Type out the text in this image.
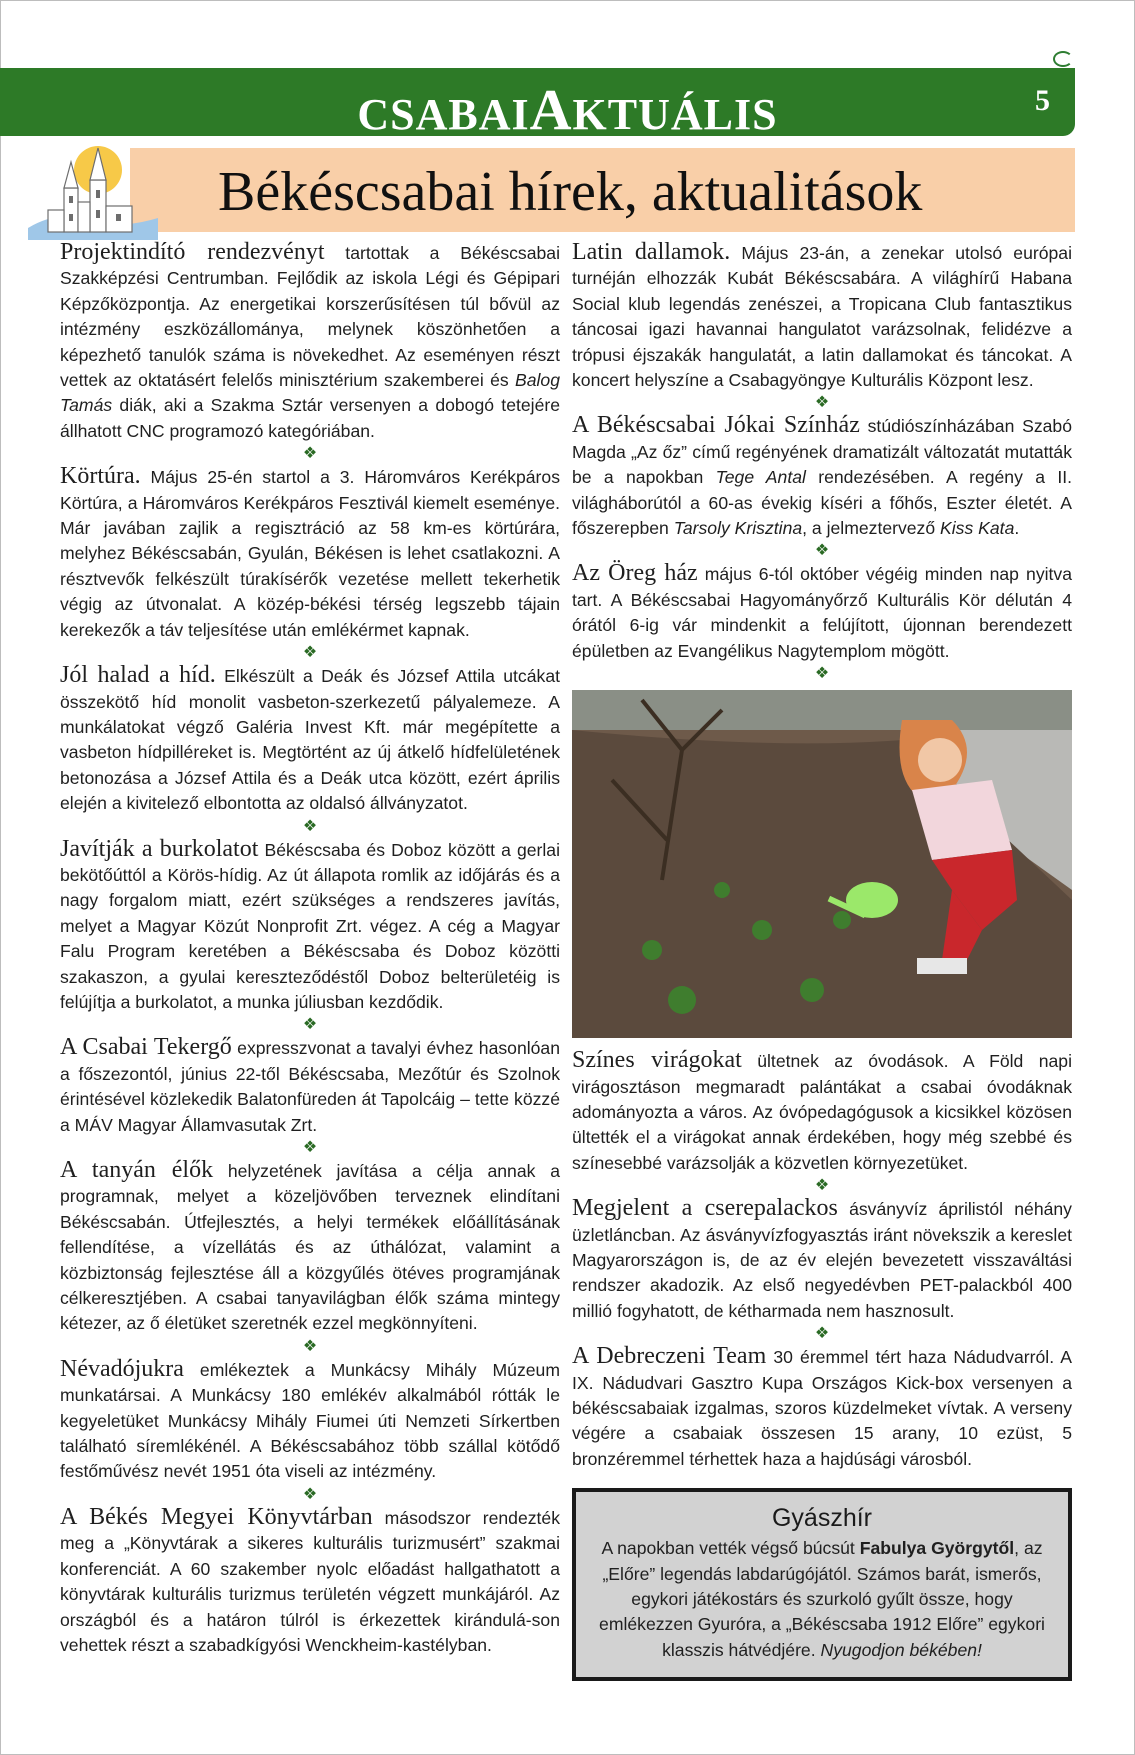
CSABAIAKTUÁLIS	5
Békéscsabai hírek, aktualitások

Projektindító rendezvényt tartottak a Békéscsabai Szakképzési Centrumban. Fejlődik az iskola Légi és Gépipari Képzőközpontja. Az energetikai korszerűsítésen túl bővül az intézmény eszközállománya, melynek köszönhetően a képezhető tanulók száma is növekedhet. Az eseményen részt vettek az oktatásért felelős minisztérium szakemberei és Balog Tamás diák, aki a Szakma Sztár versenyen a dobogó tetejére állhatott CNC programozó kategóriában.

❖

Körtúra. Május 25-én startol a 3. Háromváros Kerékpáros Körtúra, a Háromváros Kerékpáros Fesztivál kiemelt eseménye. Már javában zajlik a regisztráció az 58 km-es körtúrára, melyhez Békéscsabán, Gyulán, Békésen is lehet csatlakozni. A résztvevők felkészült túrakísérők vezetése mellett tekerhetik végig az útvonalat. A közép-békési térség legszebb tájain kerekezők a táv teljesítése után emlékérmet kapnak.

❖

Jól halad a híd. Elkészült a Deák és József Attila utcákat összekötő híd monolit vasbeton-szerkezetű pályalemeze. A munkálatokat végző Galéria Invest Kft. már megépítette a vasbeton hídpilléreket is. Megtörtént az új átkelő hídfelületének betonozása a József Attila és a Deák utca között, ezért április elején a kivitelező elbontotta az oldalsó állványzatot.

❖

Javítják a burkolatot Békéscsaba és Doboz között a gerlai bekötőúttól a Körös-hídig. Az út állapota romlik az időjárás és a nagy forgalom miatt, ezért szükséges a rendszeres javítás, melyet a Magyar Közút Nonprofit Zrt. végez. A cég a Magyar Falu Program keretében a Békéscsaba és Doboz közötti szakaszon, a gyulai kereszteződéstől Doboz belterületéig is felújítja a burkolatot, a munka júliusban kezdődik.

❖

A Csabai Tekergő expresszvonat a tavalyi évhez hasonlóan a főszezontól, június 22-től Békéscsaba, Mezőtúr és Szolnok érintésével közlekedik Balatonfüreden át Tapolcáig – tette közzé a MÁV Magyar Államvasutak Zrt.

❖

A tanyán élők helyzetének javítása a célja annak a programnak, melyet a közeljövőben terveznek elindítani Békéscsabán. Útfejlesztés, a helyi termékek előállításának fellendítése, a vízellátás és az úthálózat, valamint a közbiztonság fejlesztése áll a közgyűlés ötéves programjának célkeresztjében. A csabai tanyavilágban élők száma mintegy kétezer, az ő életüket szeretnék ezzel megkönnyíteni.

❖

Névadójukra emlékeztek a Munkácsy Mihály Múzeum munkatársai. A Munkácsy 180 emlékév alkalmából rótták le kegyeletüket Munkácsy Mihály Fiumei úti Nemzeti Sírkertben található síremlékénél. A Békéscsabához több szállal kötődő festőművész nevét 1951 óta viseli az intézmény.

❖

A Békés Megyei Könyvtárban másodszor rendezték meg a „Könyvtárak a sikeres kulturális turizmusért” szakmai konferenciát. A 60 szakember nyolc előadást hallgathatott a könyvtárak kulturális turizmus területén végzett munkájáról. Az országból és a határon túlról is érkezettek kirándulá-son vehettek részt a szabadkígyósi Wenckheim-kastélyban.

Latin dallamok. Május 23-án, a zenekar utolsó európai turnéján elhozzák Kubát Békéscsabára. A világhírű Habana Social klub legendás zenészei, a Tropicana Club fantasztikus táncosai igazi havannai hangulatot varázsolnak, felidézve a trópusi éjszakák hangulatát, a latin dallamokat és táncokat. A koncert helyszíne a Csabagyöngye Kulturális Központ lesz.

❖

A Békéscsabai Jókai Színház stúdiószínházában Szabó Magda „Az őz” című regényének dramatizált változatát mutatták be a napokban Tege Antal rendezésében. A regény a II. világháborútól a 60-as évekig kíséri a főhős, Eszter életét. A főszerepben Tarsoly Krisztina, a jelmeztervező Kiss Kata.

❖

Az Öreg ház május 6-tól október végéig minden nap nyitva tart. A Békéscsabai Hagyományőrző Kulturális Kör délután 4 órától 6-ig vár mindenkit a felújított, újonnan berendezett épületben az Evangélikus Nagytemplom mögött.

❖

Színes virágokat ültetnek az óvodások. A Föld napi virágosztáson megmaradt palántákat a csabai óvodáknak adományozta a város. Az óvópedagógusok a kicsikkel közösen ültették el a virágokat annak érdekében, hogy még szebbé és színesebbé varázsolják a közvetlen környezetüket.

❖

Megjelent a cserepalackos ásványvíz áprilistól néhány üzletláncban. Az ásványvízfogyasztás iránt növekszik a kereslet Magyarországon is, de az év elején bevezetett visszaváltási rendszer akadozik. Az első negyedévben PET-palackból 400 millió fogyhatott, de kétharmada nem hasznosult.

❖

A Debreczeni Team 30 éremmel tért haza Nádudvarról. A IX. Nádudvari Gasztro Kupa Országos Kick-box versenyen a békéscsabaiak izgalmas, szoros küzdelmeket vívtak. A verseny végére a csabaiak összesen 15 arany, 10 ezüst, 5 bronzéremmel térhettek haza a hajdúsági városból.

Gyászhír
A napokban vették végső búcsút Fabulya Györgytől, az „Előre” legendás labdarúgójától. Számos barát, ismerős, egykori játékostárs és szurkoló gyűlt össze, hogy emlékezzen Gyuróra, a „Békéscsaba 1912 Előre” egykori klasszis hátvédjére. Nyugodjon békében!
